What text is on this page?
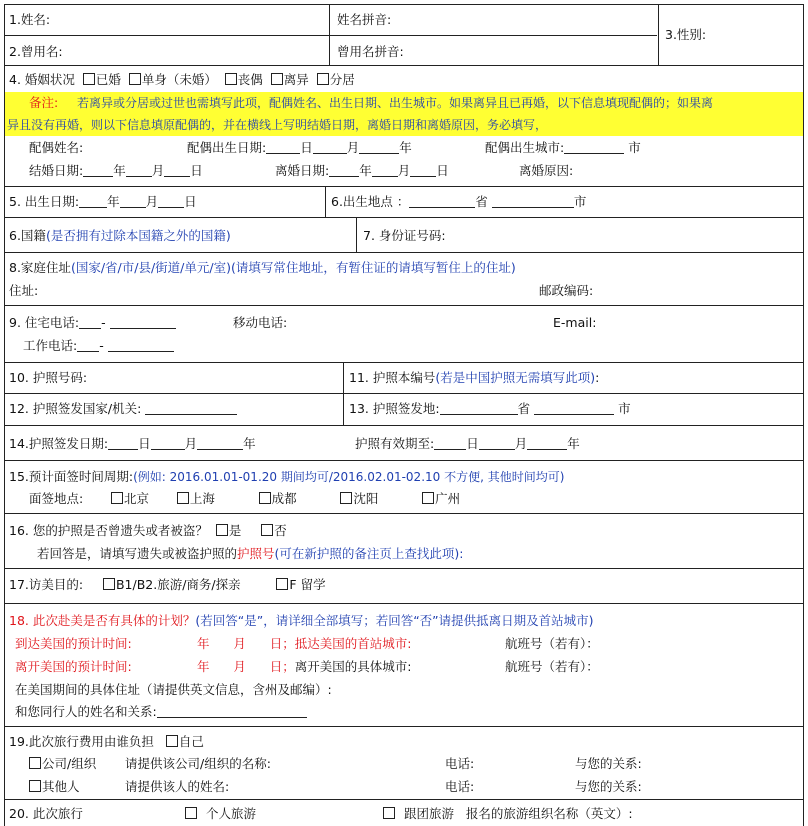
1.姓名:	姓名拼音:
3.性别:
2.曾用名:	曾用名拼音:
4. 婚姻状况 已婚 单身（未婚） 丧偶 离异 分居
备注: 若离异或分居或过世也需填写此项，配偶姓名、出生日期、出生城市。如果离异且已再婚，以下信息填现配偶的；如果离
异且没有再婚，则以下信息填原配偶的，并在横线上写明结婚日期，离婚日期和离婚原因，务必填写，
配偶姓名:	配偶出生日期:	日	月	年	配偶出生城市:	市
结婚日期: 年 月 日	离婚日期: 年 月 日	离婚原因:
5. 出生日期: 年 月 日	6.出生地点 ：	省	市
6.国籍(是否拥有过除本国籍之外的国籍)	7. 身份证号码:
8.家庭住址(国家/省/市/县/街道/单元/室)(请填写常住地址，有暂住证的请填写暂住上的住址)
住址:	邮政编码:
9. 住宅电话: -	移动电话:	E-mail:
工作电话: -
10. 护照号码:	11. 护照本编号(若是中国护照无需填写此项):
12. 护照签发国家/机关:	13. 护照签发地:	省	市
14.护照签发日期: 日	月	年	护照有效期至:	日	月	年
15.预计面签时间周期:(例如: 2016.01.01-01.20 期间均可/2016.02.01-02.10 不方便, 其他时间均可)
面签地点:	北京	上海	成都	沈阳	广州
16. 您的护照是否曾遗失或者被盗？ 是	否
若回答是，请填写遗失或被盗护照的护照号(可在新护照的备注页上查找此项):
17.访美目的:	B1/B2.旅游/商务/探亲	F 留学
18. 此次赴美是否有具体的计划？(若回答“是”，请详细全部填写；若回答“否”请提供抵离日期及首站城市)
到达美国的预计时间:	年 月 日；抵达美国的首站城市:	航班号（若有）：
离开美国的预计时间:	年 月 日；离开美国的具体城市:	航班号（若有）：
在美国期间的具体住址（请提供英文信息，含州及邮编）:
和您同行人的姓名和关系:
19.此次旅行费用由谁负担 自己
公司/组织 请提供该公司/组织的名称:	电话:	与您的关系:
其他人	请提供该人的姓名:	电话:	与您的关系:
20. 此次旅行	个人旅游	跟团旅游 报名的旅游组织名称（英文）:
